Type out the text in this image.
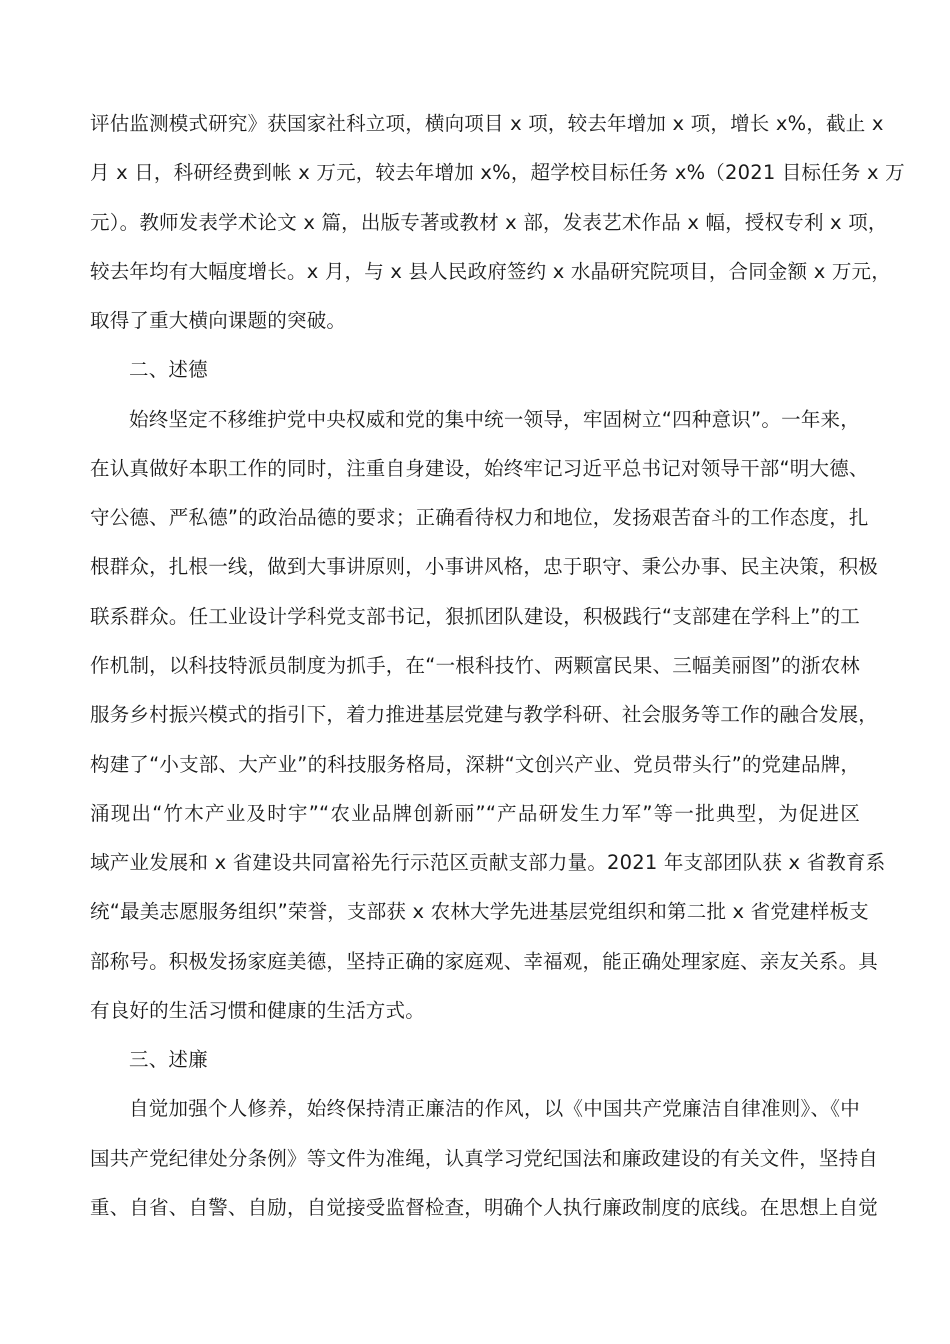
评估监测模式研究》获国家社科立项，横向项目 x 项，较去年增加 x 项，增长 x%，截止 x
月 x 日，科研经费到帐 x 万元，较去年增加 x%，超学校目标任务 x%（2021 目标任务 x 万
元）。教师发表学术论文 x 篇，出版专著或教材 x 部，发表艺术作品 x 幅，授权专利 x 项，
较去年均有大幅度增长。x 月，与 x 县人民政府签约 x 水晶研究院项目，合同金额 x 万元，
取得了重大横向课题的突破。
二、述德
始终坚定不移维护党中央权威和党的集中统一领导，牢固树立“四种意识”。一年来，
在认真做好本职工作的同时，注重自身建设，始终牢记习近平总书记对领导干部“明大德、
守公德、严私德”的政治品德的要求；正确看待权力和地位，发扬艰苦奋斗的工作态度，扎
根群众，扎根一线，做到大事讲原则，小事讲风格，忠于职守、秉公办事、民主决策，积极
联系群众。任工业设计学科党支部书记，狠抓团队建设，积极践行“支部建在学科上”的工
作机制，以科技特派员制度为抓手，在“一根科技竹、两颗富民果、三幅美丽图”的浙农林
服务乡村振兴模式的指引下，着力推进基层党建与教学科研、社会服务等工作的融合发展，
构建了“小支部、大产业”的科技服务格局，深耕“文创兴产业、党员带头行”的党建品牌，
涌现出“竹木产业及时宇”“农业品牌创新丽”“产品研发生力军”等一批典型，为促进区
域产业发展和 x 省建设共同富裕先行示范区贡献支部力量。2021 年支部团队获 x 省教育系
统“最美志愿服务组织”荣誉，支部获 x 农林大学先进基层党组织和第二批 x 省党建样板支
部称号。积极发扬家庭美德，坚持正确的家庭观、幸福观，能正确处理家庭、亲友关系。具
有良好的生活习惯和健康的生活方式。
三、述廉
自觉加强个人修养，始终保持清正廉洁的作风，以《中国共产党廉洁自律准则》、《中
国共产党纪律处分条例》等文件为准绳，认真学习党纪国法和廉政建设的有关文件，坚持自
重、自省、自警、自励，自觉接受监督检查，明确个人执行廉政制度的底线。在思想上自觉
